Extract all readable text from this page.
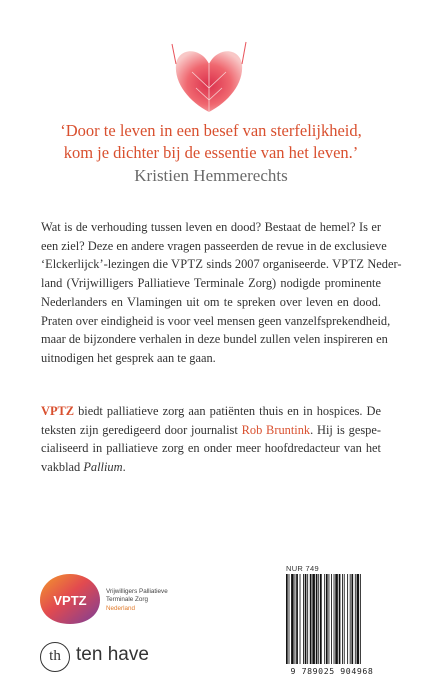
‘Door te leven in een besef van sterfelijkheid,
kom je dichter bij de essentie van het leven.’
Kristien Hemmerechts
Wat is de verhouding tussen leven en dood? Bestaat de hemel? Is er
een ziel? Deze en andere vragen passeerden de revue in de exclusieve
‘Elckerlijck’-lezingen die VPTZ sinds 2007 organiseerde. VPTZ Neder-
land (Vrijwilligers Palliatieve Terminale Zorg) nodigde prominente
Nederlanders en Vlamingen uit om te spreken over leven en dood.
Praten over eindigheid is voor veel mensen geen vanzelfsprekendheid,
maar de bijzondere verhalen in deze bundel zullen velen inspireren en
uitnodigen het gesprek aan te gaan.
VPTZ biedt palliatieve zorg aan patiënten thuis en in hospices. De
teksten zijn geredigeerd door journalist Rob Bruntink. Hij is gespe-
cialiseerd in palliatieve zorg en onder meer hoofdredacteur van het
vakblad Pallium.
VPTZ
Vrijwilligers Palliatieve
Terminale Zorg
Nederland
th ten have
NUR 749
9 789025 904968
